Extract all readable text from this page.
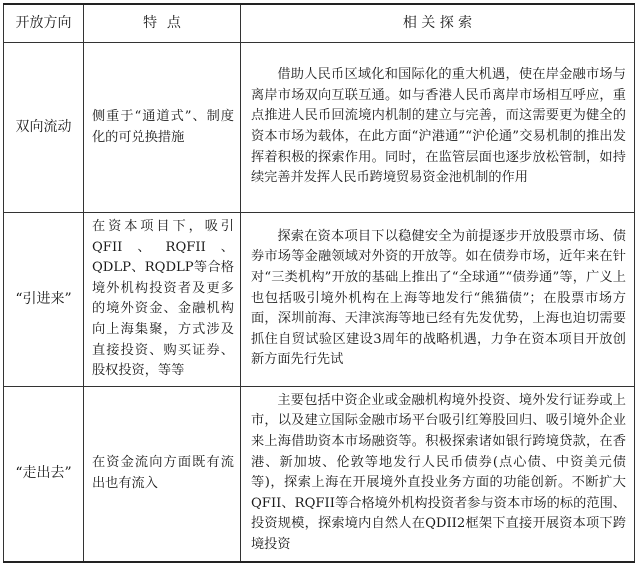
开放方向	特点	相 关 探 索
双向流动	侧重于“通道式”、制度化的可兑换措施	借助人民币区域化和国际化的重大机遇，使在岸金融市场与离岸市场双向互联互通。如与香港人民币离岸市场相互呼应，重点推进人民币回流境内机制的建立与完善，而这需要更为健全的资本市场为载体，在此方面“沪港通”“沪伦通”交易机制的推出发挥着积极的探索作用。同时，在监管层面也逐步放松管制，如持续完善并发挥人民币跨境贸易资金池机制的作用
“引进来”	在资本项目下，吸引QFII、RQFII、QDLP、RQDLP等合格境外机构投资者及更多的境外资金、金融机构向上海集聚，方式涉及直接投资、购买证券、股权投资，等等	探索在资本项目下以稳健安全为前提逐步开放股票市场、债券市场等金融领域对外资的开放等。如在债券市场，近年来在针对“三类机构”开放的基础上推出了“全球通”“债券通”等，广义上也包括吸引境外机构在上海等地发行“熊猫债”；在股票市场方面，深圳前海、天津滨海等地已经有先发优势，上海也迫切需要抓住自贸试验区建设3周年的战略机遇，力争在资本项目开放创新方面先行先试
“走出去”	在资金流向方面既有流出也有流入	主要包括中资企业或金融机构境外投资、境外发行证券或上市，以及建立国际金融市场平台吸引红筹股回归、吸引境外企业来上海借助资本市场融资等。积极探索诸如银行跨境贷款，在香港、新加坡、伦敦等地发行人民币债券(点心债、中资美元债等)，探索上海在开展境外直投业务方面的功能创新。不断扩大QFII、RQFII等合格境外机构投资者参与资本市场的标的范围、投资规模，探索境内自然人在QDII2框架下直接开展资本项下跨境投资
